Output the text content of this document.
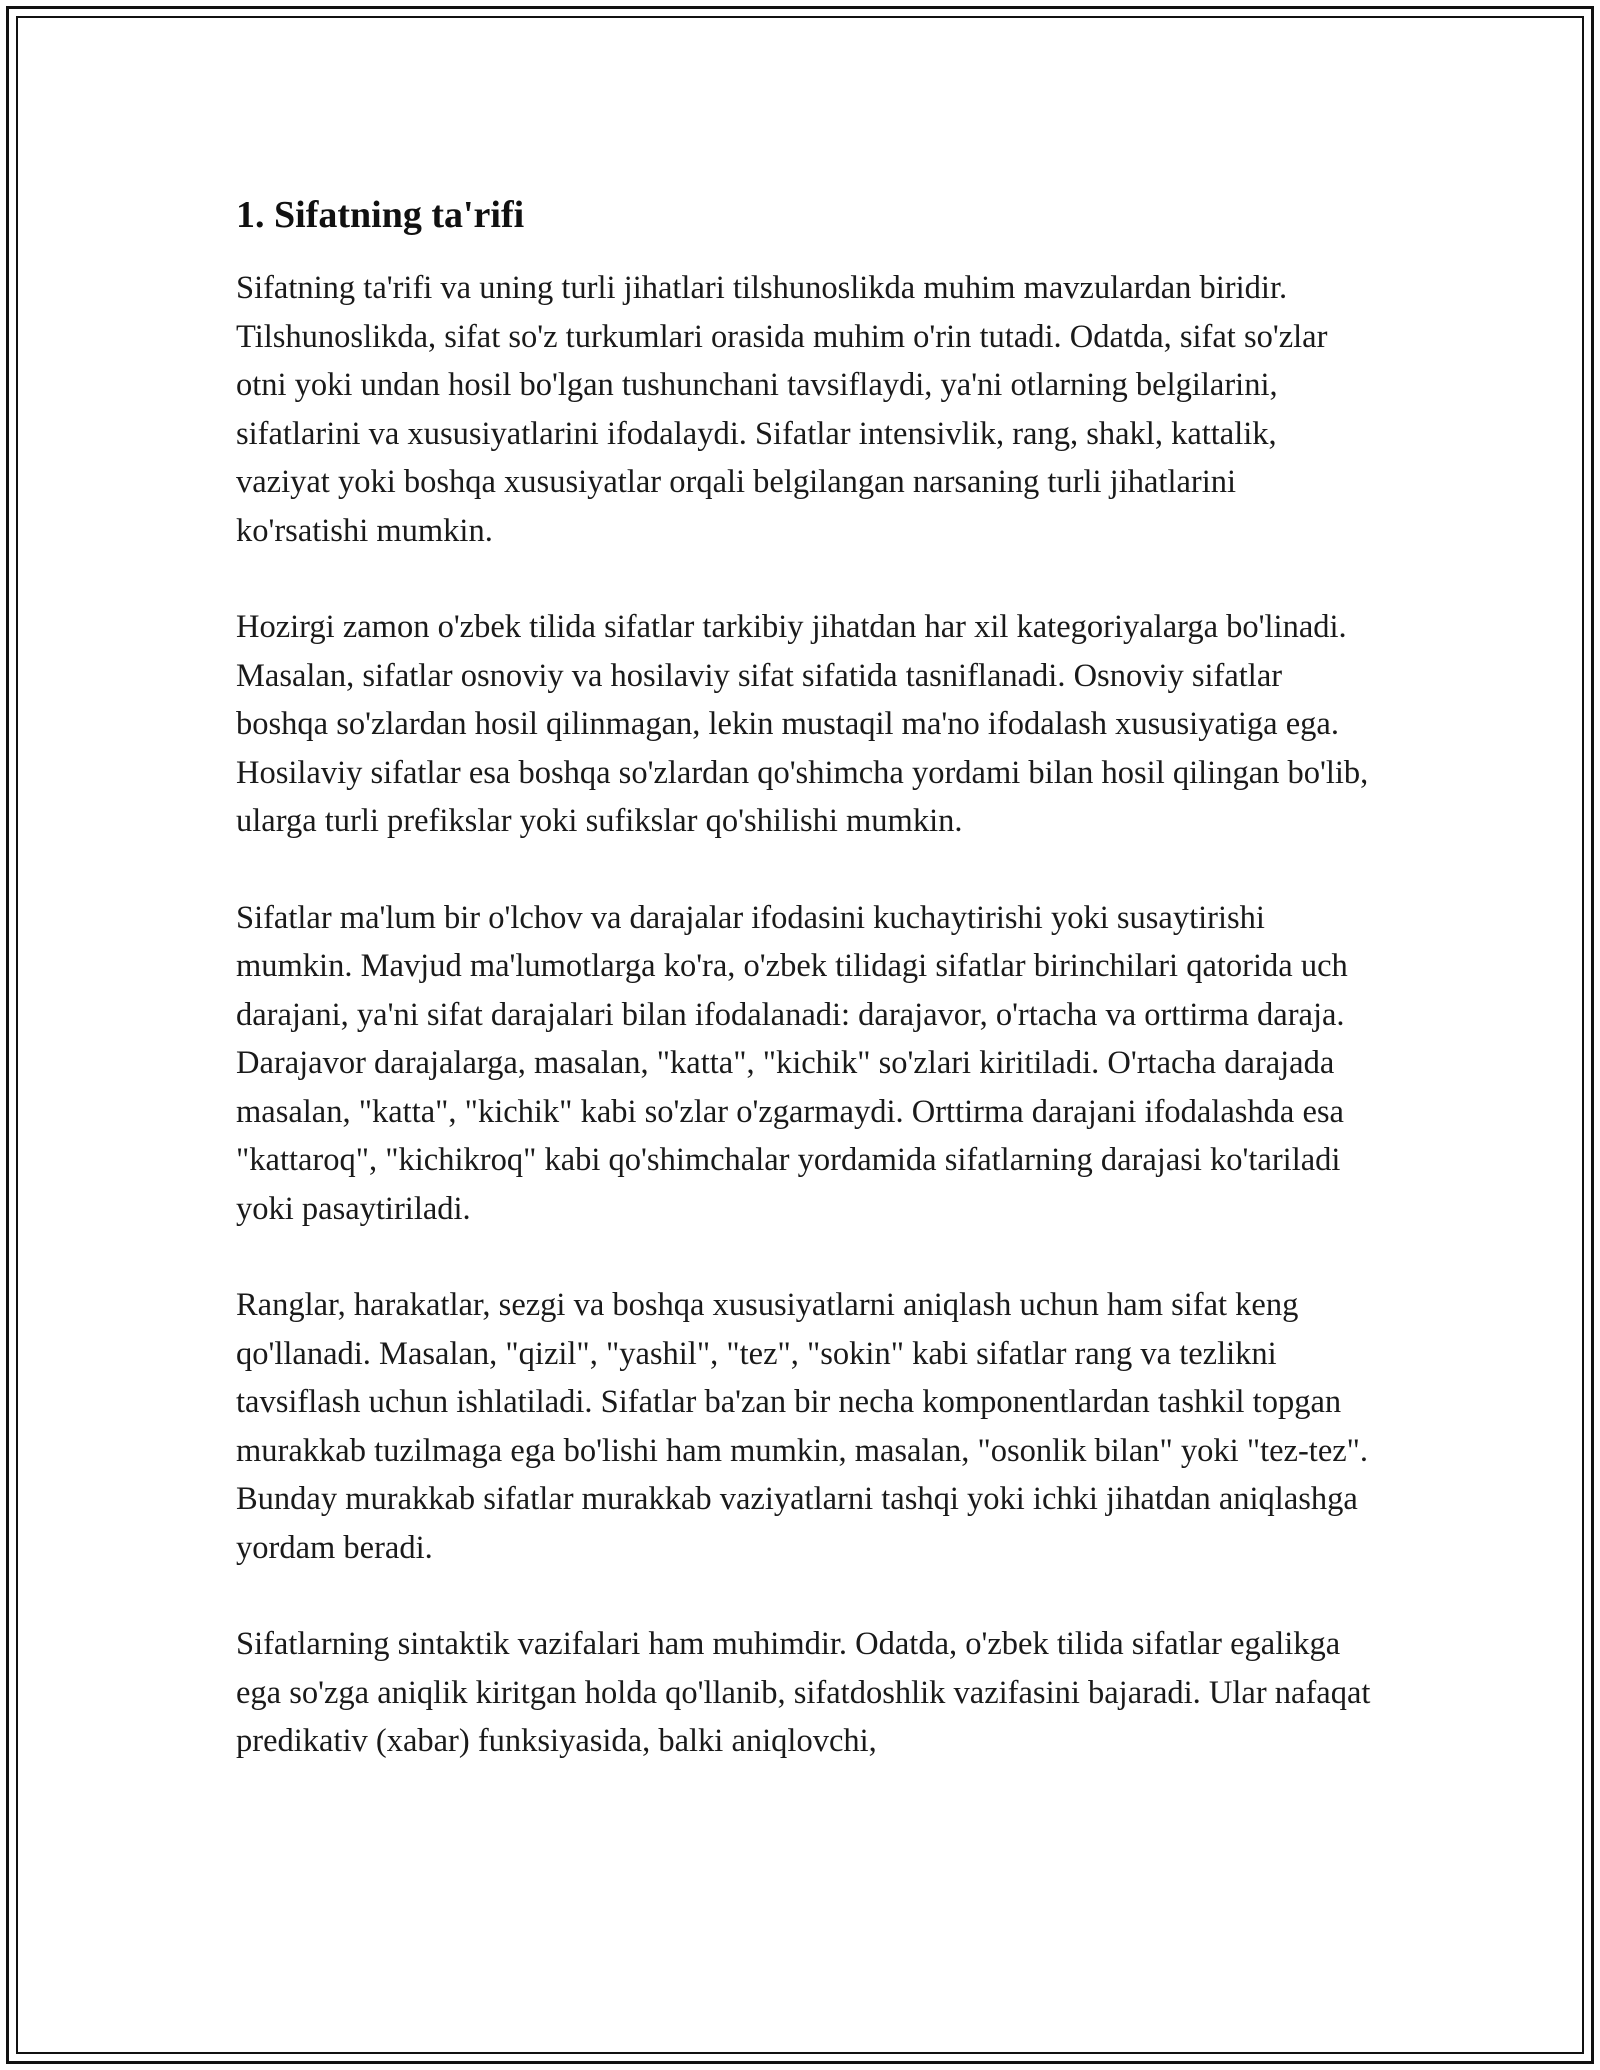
1. Sifatning ta'rifi

Sifatning ta'rifi va uning turli jihatlari tilshunoslikda muhim mavzulardan biridir. Tilshunoslikda, sifat so'z turkumlari orasida muhim o'rin tutadi. Odatda, sifat so'zlar otni yoki undan hosil bo'lgan tushunchani tavsiflaydi, ya'ni otlarning belgilarini, sifatlarini va xususiyatlarini ifodalaydi. Sifatlar intensivlik, rang, shakl, kattalik, vaziyat yoki boshqa xususiyatlar orqali belgilangan narsaning turli jihatlarini ko'rsatishi mumkin.

Hozirgi zamon o'zbek tilida sifatlar tarkibiy jihatdan har xil kategoriyalarga bo'linadi. Masalan, sifatlar osnoviy va hosilaviy sifat sifatida tasniflanadi. Osnoviy sifatlar boshqa so'zlardan hosil qilinmagan, lekin mustaqil ma'no ifodalash xususiyatiga ega. Hosilaviy sifatlar esa boshqa so'zlardan qo'shimcha yordami bilan hosil qilingan bo'lib, ularga turli prefikslar yoki sufikslar qo'shilishi mumkin.

Sifatlar ma'lum bir o'lchov va darajalar ifodasini kuchaytirishi yoki susaytirishi mumkin. Mavjud ma'lumotlarga ko'ra, o'zbek tilidagi sifatlar birinchilari qatorida uch darajani, ya'ni sifat darajalari bilan ifodalanadi: darajavor, o'rtacha va orttirma daraja. Darajavor darajalarga, masalan, "katta", "kichik" so'zlari kiritiladi. O'rtacha darajada masalan, "katta", "kichik" kabi so'zlar o'zgarmaydi. Orttirma darajani ifodalashda esa "kattaroq", "kichikroq" kabi qo'shimchalar yordamida sifatlarning darajasi ko'tariladi yoki pasaytiriladi.

Ranglar, harakatlar, sezgi va boshqa xususiyatlarni aniqlash uchun ham sifat keng qo'llanadi. Masalan, "qizil", "yashil", "tez", "sokin" kabi sifatlar rang va tezlikni tavsiflash uchun ishlatiladi. Sifatlar ba'zan bir necha komponentlardan tashkil topgan murakkab tuzilmaga ega bo'lishi ham mumkin, masalan, "osonlik bilan" yoki "tez-tez". Bunday murakkab sifatlar murakkab vaziyatlarni tashqi yoki ichki jihatdan aniqlashga yordam beradi.

Sifatlarning sintaktik vazifalari ham muhimdir. Odatda, o'zbek tilida sifatlar egalikga ega so'zga aniqlik kiritgan holda qo'llanib, sifatdoshlik vazifasini bajaradi. Ular nafaqat predikativ (xabar) funksiyasida, balki aniqlovchi,
